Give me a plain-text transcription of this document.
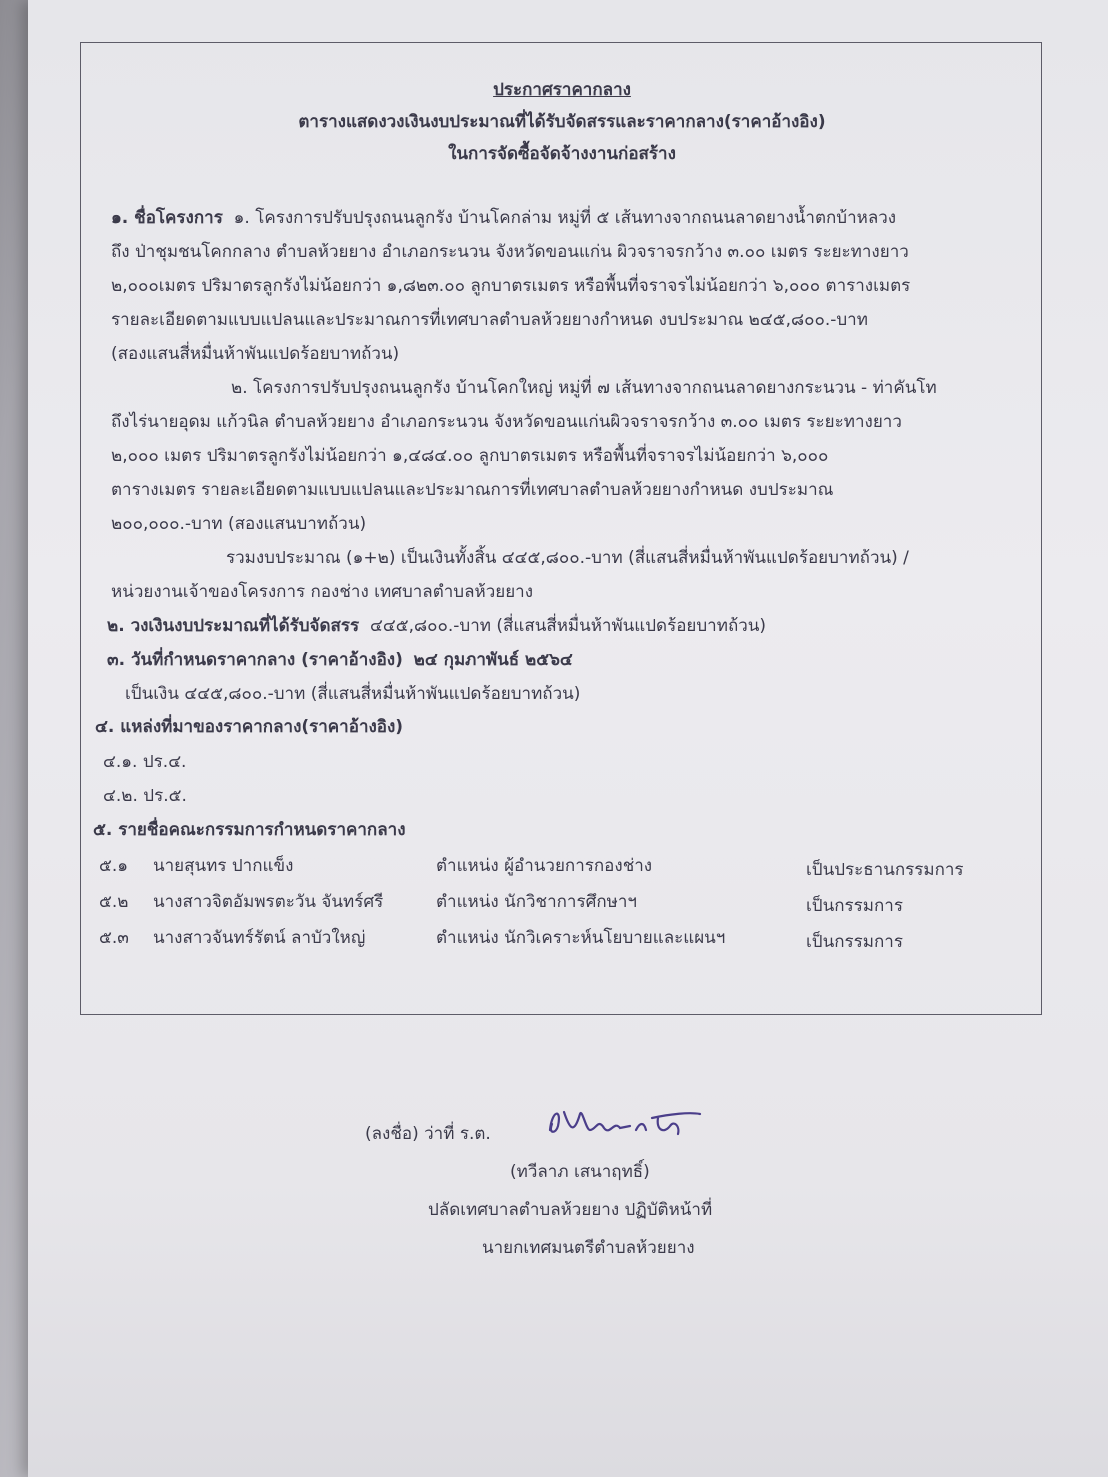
ประกาศราคากลาง
ตารางแสดงวงเงินงบประมาณที่ได้รับจัดสรรและราคากลาง(ราคาอ้างอิง)
ในการจัดซื้อจัดจ้างงานก่อสร้าง
๑. ชื่อโครงการ ๑. โครงการปรับปรุงถนนลูกรัง บ้านโคกล่าม หมู่ที่ ๕ เส้นทางจากถนนลาดยางน้ำตกบ้าหลวง
ถึง ป่าชุมชนโคกกลาง ตำบลห้วยยาง อำเภอกระนวน จังหวัดขอนแก่น ผิวจราจรกว้าง ๓.๐๐ เมตร ระยะทางยาว
๒,๐๐๐เมตร ปริมาตรลูกรังไม่น้อยกว่า ๑,๘๒๓.๐๐ ลูกบาตรเมตร หรือพื้นที่จราจรไม่น้อยกว่า ๖,๐๐๐ ตารางเมตร
รายละเอียดตามแบบแปลนและประมาณการที่เทศบาลตำบลห้วยยางกำหนด งบประมาณ ๒๔๕,๘๐๐.-บาท
(สองแสนสี่หมื่นห้าพันแปดร้อยบาทถ้วน)
๒. โครงการปรับปรุงถนนลูกรัง บ้านโคกใหญ่ หมู่ที่ ๗ เส้นทางจากถนนลาดยางกระนวน - ท่าคันโท
ถึงไร่นายอุดม แก้วนิล ตำบลห้วยยาง อำเภอกระนวน จังหวัดขอนแก่นผิวจราจรกว้าง ๓.๐๐ เมตร ระยะทางยาว
๒,๐๐๐ เมตร ปริมาตรลูกรังไม่น้อยกว่า ๑,๔๘๔.๐๐ ลูกบาตรเมตร หรือพื้นที่จราจรไม่น้อยกว่า ๖,๐๐๐
ตารางเมตร รายละเอียดตามแบบแปลนและประมาณการที่เทศบาลตำบลห้วยยางกำหนด งบประมาณ
๒๐๐,๐๐๐.-บาท (สองแสนบาทถ้วน)
รวมงบประมาณ (๑+๒) เป็นเงินทั้งสิ้น ๔๔๕,๘๐๐.-บาท (สี่แสนสี่หมื่นห้าพันแปดร้อยบาทถ้วน) /
หน่วยงานเจ้าของโครงการ กองช่าง เทศบาลตำบลห้วยยาง
๒. วงเงินงบประมาณที่ได้รับจัดสรร ๔๔๕,๘๐๐.-บาท (สี่แสนสี่หมื่นห้าพันแปดร้อยบาทถ้วน)
๓. วันที่กำหนดราคากลาง (ราคาอ้างอิง) ๒๔ กุมภาพันธ์ ๒๕๖๔
เป็นเงิน ๔๔๕,๘๐๐.-บาท (สี่แสนสี่หมื่นห้าพันแปดร้อยบาทถ้วน)
๔. แหล่งที่มาของราคากลาง(ราคาอ้างอิง)
๔.๑. ปร.๔.
๔.๒. ปร.๕.
๕. รายชื่อคณะกรรมการกำหนดราคากลาง
๕.๑ นายสุนทร ปากแข็ง	ตำแหน่ง ผู้อำนวยการกองช่าง	เป็นประธานกรรมการ
๕.๒ นางสาวจิตอัมพรตะวัน จันทร์ศรี	ตำแหน่ง นักวิชาการศึกษาฯ	เป็นกรรมการ
๕.๓ นางสาวจันทร์รัตน์ ลาบัวใหญ่	ตำแหน่ง นักวิเคราะห์นโยบายและแผนฯ	เป็นกรรมการ
(ลงชื่อ) ว่าที่ ร.ต.
(ทวีลาภ เสนาฤทธิ์)
ปลัดเทศบาลตำบลห้วยยาง ปฏิบัติหน้าที่
นายกเทศมนตรีตำบลห้วยยาง
